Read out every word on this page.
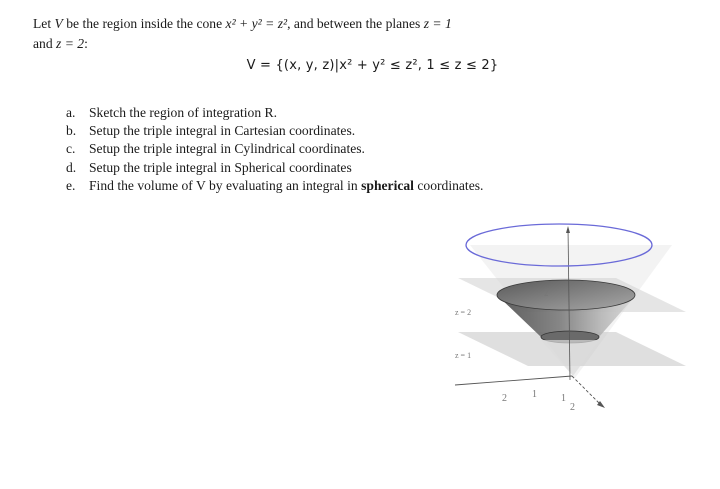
Let V be the region inside the cone x² + y² = z², and between the planes z = 1
and z = 2:
V = {(x, y, z)|x² + y² ≤ z², 1 ≤ z ≤ 2}
a. Sketch the region of integration R.
b. Setup the triple integral in Cartesian coordinates.
c. Setup the triple integral in Cylindrical coordinates.
d. Setup the triple integral in Spherical coordinates
e. Find the volume of V by evaluating an integral in spherical coordinates.
z = 2
z = 1
2
2	1 1
2
